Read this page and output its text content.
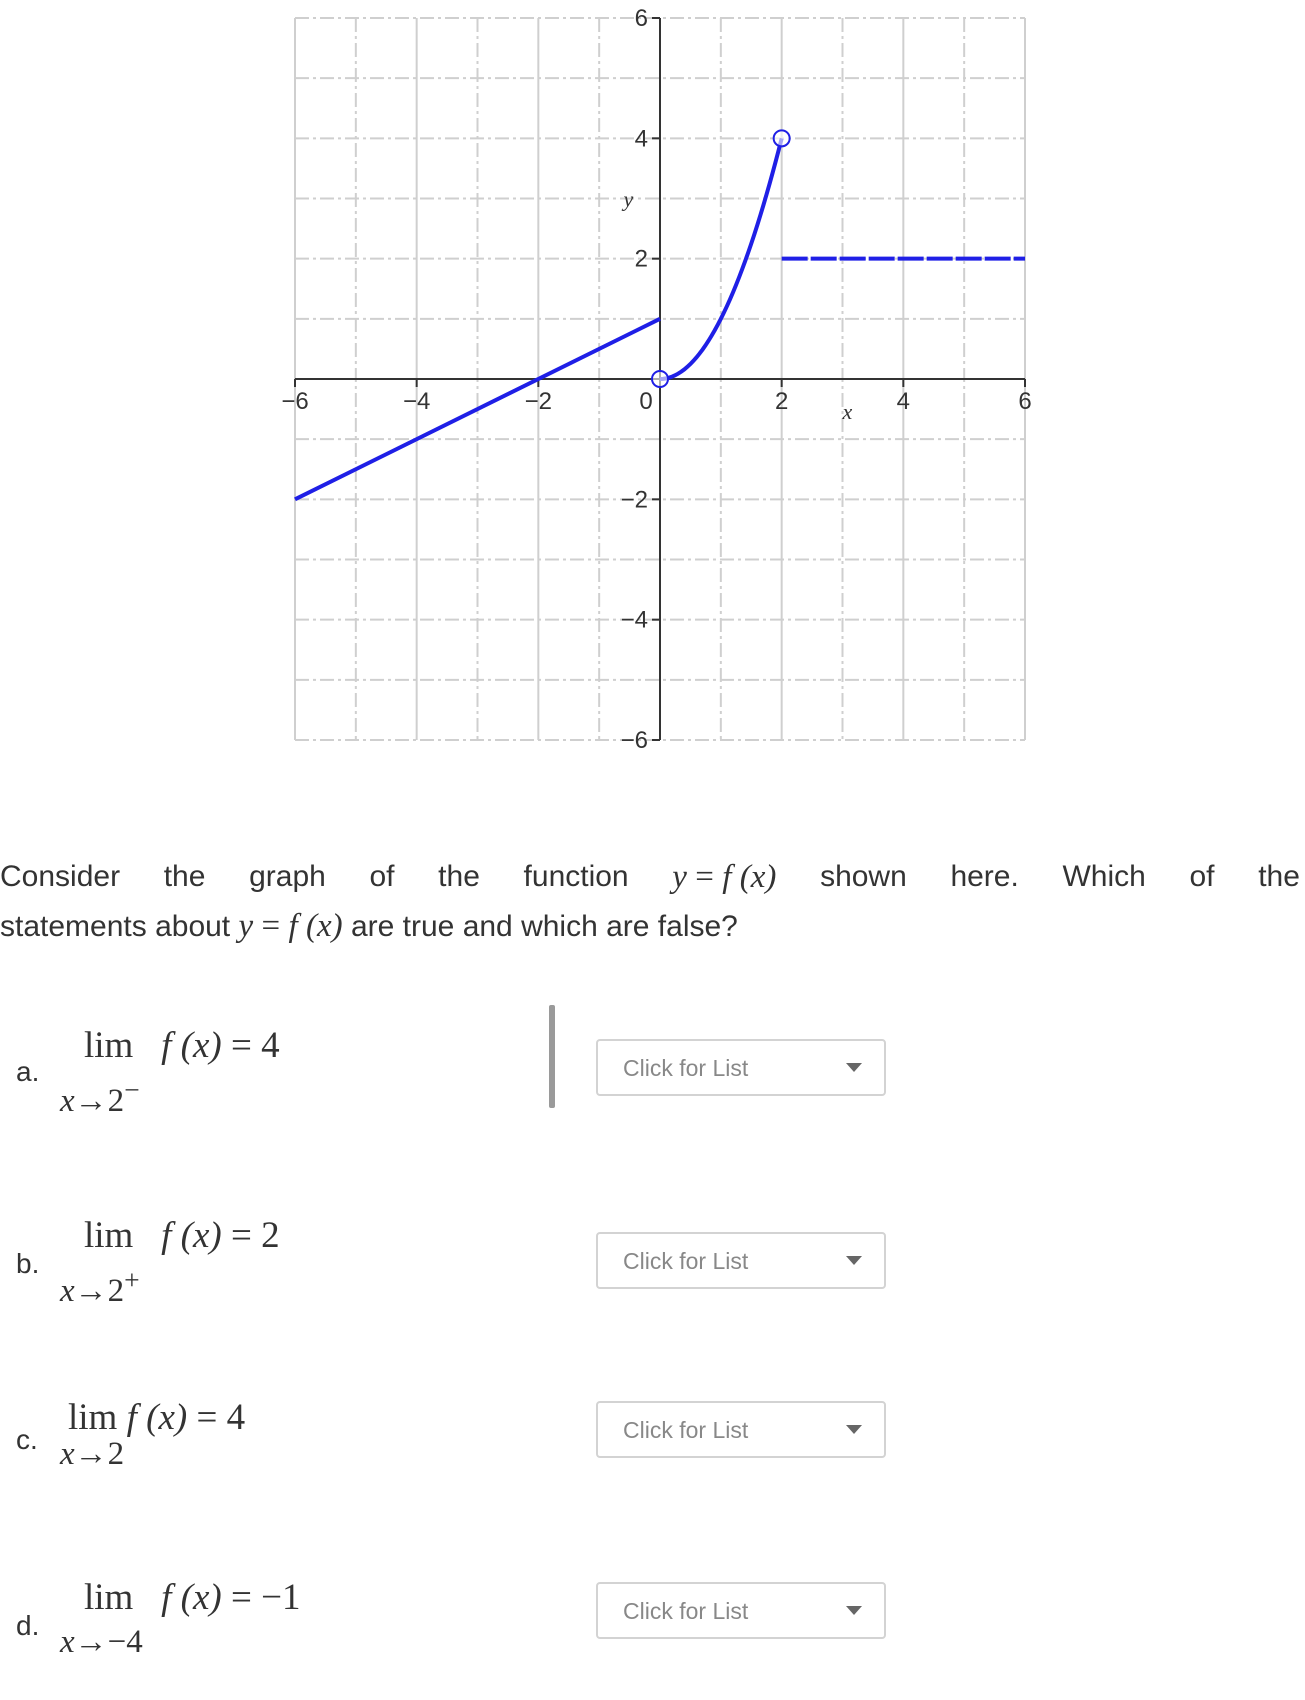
−6	−4	−2	0	2	4	6
6
4
2
−2
−4
−6
x
y
Consider the graph of the function y = f (x) shown here. Which of the
statements about y = f (x) are true and which are false?
a.
lim f (x) = 4
x→2−
Click for List
b.
lim f (x) = 2
x→2+
Click for List
c.
lim f (x) = 4
x→2
Click for List
d.
lim f (x) = −1
x→−4
Click for List
